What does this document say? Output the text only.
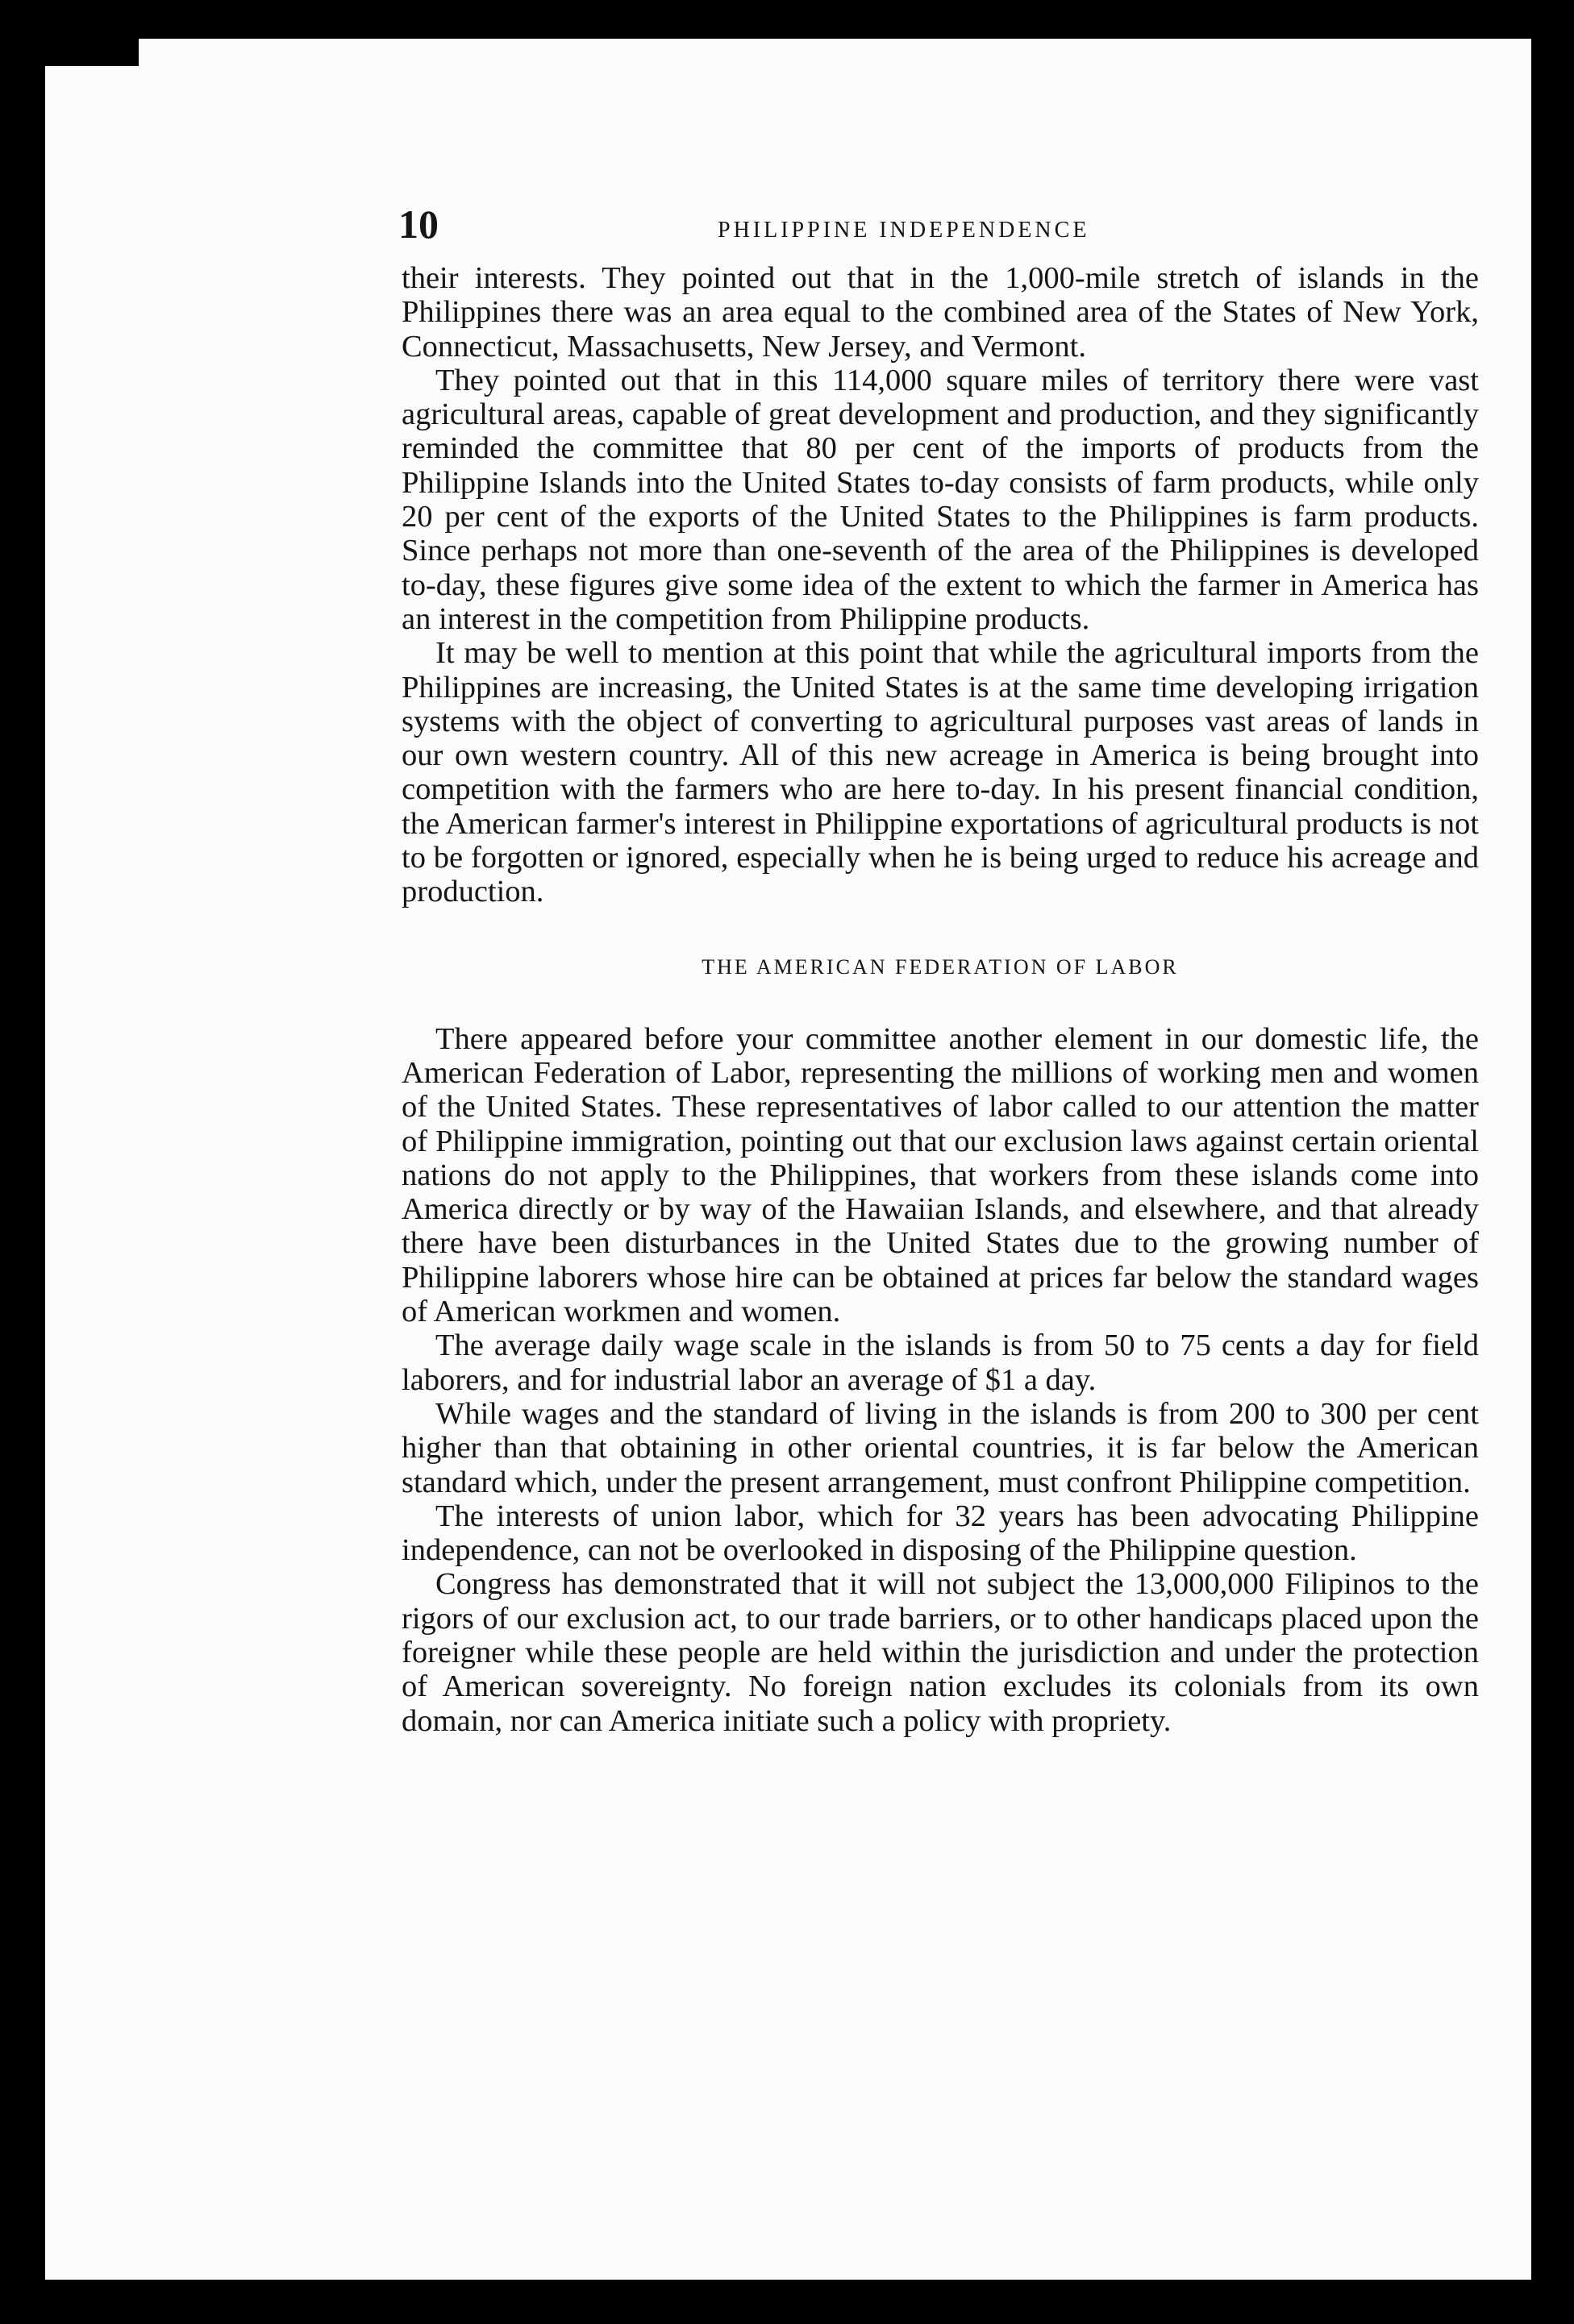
10	PHILIPPINE INDEPENDENCE

their interests. They pointed out that in the 1,000-mile stretch of islands in the Philippines there was an area equal to the combined area of the States of New York, Connecticut, Massachusetts, New Jersey, and Vermont.

They pointed out that in this 114,000 square miles of territory there were vast agricultural areas, capable of great development and production, and they significantly reminded the committee that 80 per cent of the imports of products from the Philippine Islands into the United States to-day consists of farm products, while only 20 per cent of the exports of the United States to the Philippines is farm products. Since perhaps not more than one-seventh of the area of the Philippines is developed to-day, these figures give some idea of the extent to which the farmer in America has an interest in the competition from Philippine products.

It may be well to mention at this point that while the agricultural imports from the Philippines are increasing, the United States is at the same time developing irrigation systems with the object of converting to agricultural purposes vast areas of lands in our own western country. All of this new acreage in America is being brought into competition with the farmers who are here to-day. In his present financial condition, the American farmer's interest in Philippine exportations of agricultural products is not to be forgotten or ignored, especially when he is being urged to reduce his acreage and production.

THE AMERICAN FEDERATION OF LABOR

There appeared before your committee another element in our domestic life, the American Federation of Labor, representing the millions of working men and women of the United States. These representatives of labor called to our attention the matter of Philippine immigration, pointing out that our exclusion laws against certain oriental nations do not apply to the Philippines, that workers from these islands come into America directly or by way of the Hawaiian Islands, and elsewhere, and that already there have been disturbances in the United States due to the growing number of Philippine laborers whose hire can be obtained at prices far below the standard wages of American workmen and women.

The average daily wage scale in the islands is from 50 to 75 cents a day for field laborers, and for industrial labor an average of $1 a day.

While wages and the standard of living in the islands is from 200 to 300 per cent higher than that obtaining in other oriental countries, it is far below the American standard which, under the present arrangement, must confront Philippine competition.

The interests of union labor, which for 32 years has been advocating Philippine independence, can not be overlooked in disposing of the Philippine question.

Congress has demonstrated that it will not subject the 13,000,000 Filipinos to the rigors of our exclusion act, to our trade barriers, or to other handicaps placed upon the foreigner while these people are held within the jurisdiction and under the protection of American sovereignty. No foreign nation excludes its colonials from its own domain, nor can America initiate such a policy with propriety.
